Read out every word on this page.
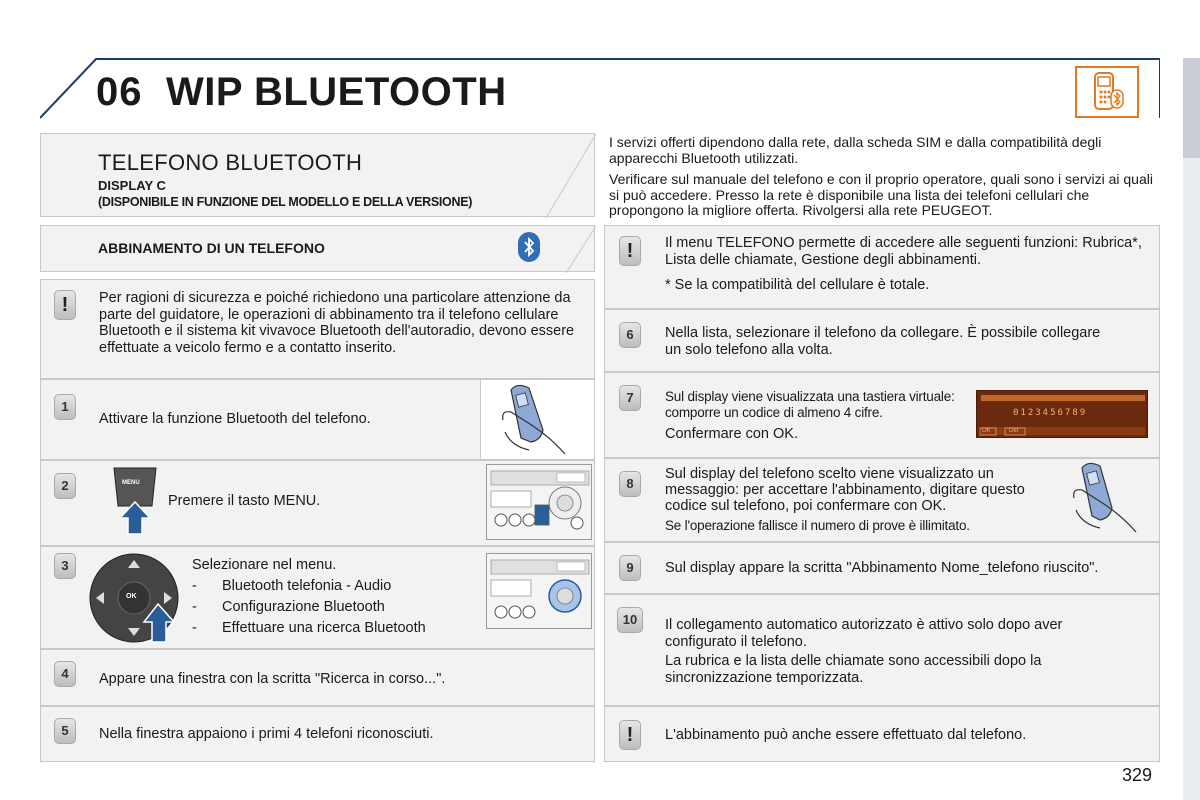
06 WIP BLUETOOTH
TELEFONO BLUETOOTH
DISPLAY C
(DISPONIBILE IN FUNZIONE DEL MODELLO E DELLA VERSIONE)
ABBINAMENTO DI UN TELEFONO
!	Per ragioni di sicurezza e poiché richiedono una particolare attenzione da parte del guidatore, le operazioni di abbinamento tra il telefono cellulare Bluetooth e il sistema kit vivavoce Bluetooth dell'autoradio, devono essere effettuate a veicolo fermo e a contatto inserito.
1
Attivare la funzione Bluetooth del telefono.
2	MENU
Premere il tasto MENU.
3
OK
Selezionare nel menu.
-	Bluetooth telefonia - Audio
-	Configurazione Bluetooth
-	Effettuare una ricerca Bluetooth
4	Appare una finestra con la scritta "Ricerca in corso...".
5	Nella finestra appaiono i primi 4 telefoni riconosciuti.
I servizi offerti dipendono dalla rete, dalla scheda SIM e dalla compatibilità degli apparecchi Bluetooth utilizzati.
Verificare sul manuale del telefono e con il proprio operatore, quali sono i servizi ai quali si può accedere. Presso la rete è disponibile una lista dei telefoni cellulari che propongono la migliore offerta. Rivolgersi alla rete PEUGEOT.
!	Il menu TELEFONO permette di accedere alle seguenti funzioni: Rubrica*, Lista delle chiamate, Gestione degli abbinamenti.
* Se la compatibilità del cellulare è totale.
6	Nella lista, selezionare il telefono da collegare. È possibile collegare un solo telefono alla volta.
7	Sul display viene visualizzata una tastiera virtuale: comporre un codice di almeno 4 cifre.
Confermare con OK.
0123456789
OK	Del
8
Sul display del telefono scelto viene visualizzato un messaggio: per accettare l'abbinamento, digitare questo codice sul telefono, poi confermare con OK.
Se l'operazione fallisce il numero di prove è illimitato.
9	Sul display appare la scritta "Abbinamento Nome_telefono riuscito".
10	Il collegamento automatico autorizzato è attivo solo dopo aver configurato il telefono.
La rubrica e la lista delle chiamate sono accessibili dopo la sincronizzazione temporizzata.
!	L'abbinamento può anche essere effettuato dal telefono.
329
